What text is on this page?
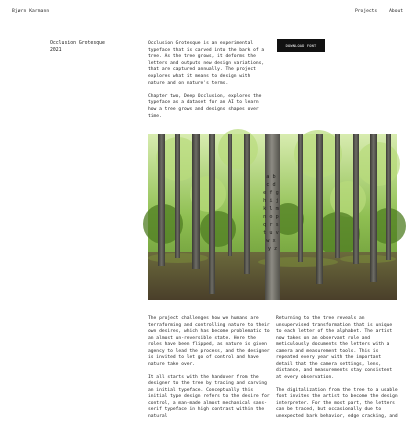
Bjørn Karmann	Projects	About
Occlusion Grotesque
2021

Occlusion Grotesque is an experimental typeface that is carved into the bark of a tree. As the tree grows, it deforms the letters and outputs new design variations, that are captured annually. The project explores what it means to design with nature and on nature's terms.

Chapter two, Deep Occlusion, explores the typeface as a dataset for an AI to learn how a tree grows and designs shapes over time.

DOWNLOAD FONT
a b c d e f g h i j k l m n o p q r s t u v w x y z

The project challenges how we humans are terraforming and controlling nature to their own desires, which has become problematic to an almost un-reversible state. Here the roles have been flipped, as nature is given agency to lead the process, and the designer is invited to let go of control and have nature take over.

It all starts with the handover from the designer to the tree by tracing and carving an initial typeface. Conceptually this initial type design refers to the desire for control, a man-made almost mechanical sans-serif typeface in high contrast within the natural

Returning to the tree reveals an unsupervised transformation that is unique to each letter of the alphabet. The artist now takes on an observant role and meticulously documents the letters with a camera and measurement tools. This is repeated every year with the important detail that the camera settings, lens, distance, and measurements stay consistent at every observation.

The digitalization from the tree to a usable font invites the artist to become the design interpreter. For the most part, the letters can be traced, but occasionally due to unexpected bark behavior, edge cracking, and
